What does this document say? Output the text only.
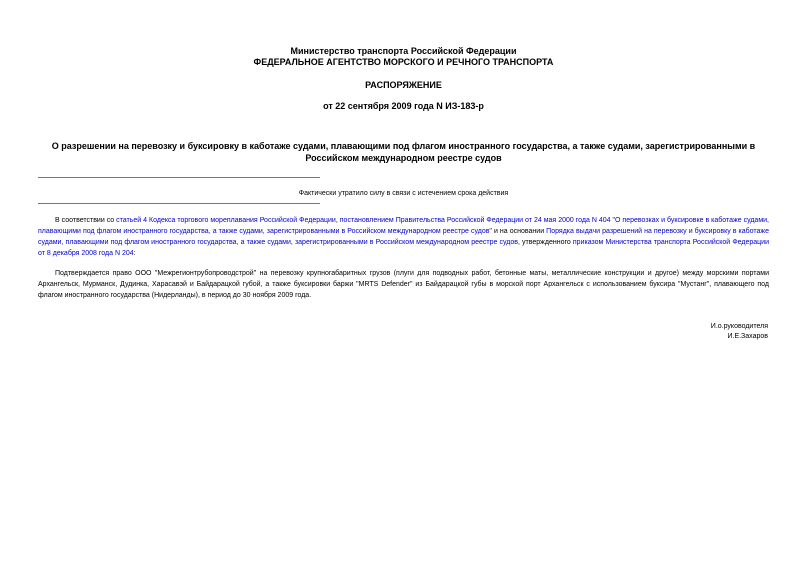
Министерство транспорта Российской Федерации
ФЕДЕРАЛЬНОЕ АГЕНТСТВО МОРСКОГО И РЕЧНОГО ТРАНСПОРТА
РАСПОРЯЖЕНИЕ
от 22 сентября 2009 года N ИЗ-183-р
О разрешении на перевозку и буксировку в каботаже судами, плавающими под флагом иностранного государства, а также судами, зарегистрированными в Российском международном реестре судов
Фактически утратило силу в связи с истечением срока действия
В соответствии со статьей 4 Кодекса торгового мореплавания Российской Федерации, постановлением Правительства Российской Федерации от 24 мая 2000 года N 404 "О перевозках и буксировке в каботаже судами, плавающими под флагом иностранного государства, а также судами, зарегистрированными в Российском международном реестре судов" и на основании Порядка выдачи разрешений на перевозку и буксировку в каботаже судами, плавающими под флагом иностранного государства, а также судами, зарегистрированными в Российском международном реестре судов, утвержденного приказом Министерства транспорта Российской Федерации от 8 декабря 2008 года N 204:
Подтверждается право ООО "Межрегионтрубопроводстрой" на перевозку крупногабаритных грузов (плуги для подводных работ, бетонные маты, металлические конструкции и другое) между морскими портами Архангельск, Мурманск, Дудинка, Харасавэй и Байдарацкой губой, а также буксировки баржи "MRTS Defender" из Байдарацкой губы в морской порт Архангельск с использованием буксира "Мустанг", плавающего под флагом иностранного государства (Нидерланды), в период до 30 ноября 2009 года.
И.о.руководителя
И.Е.Захаров
